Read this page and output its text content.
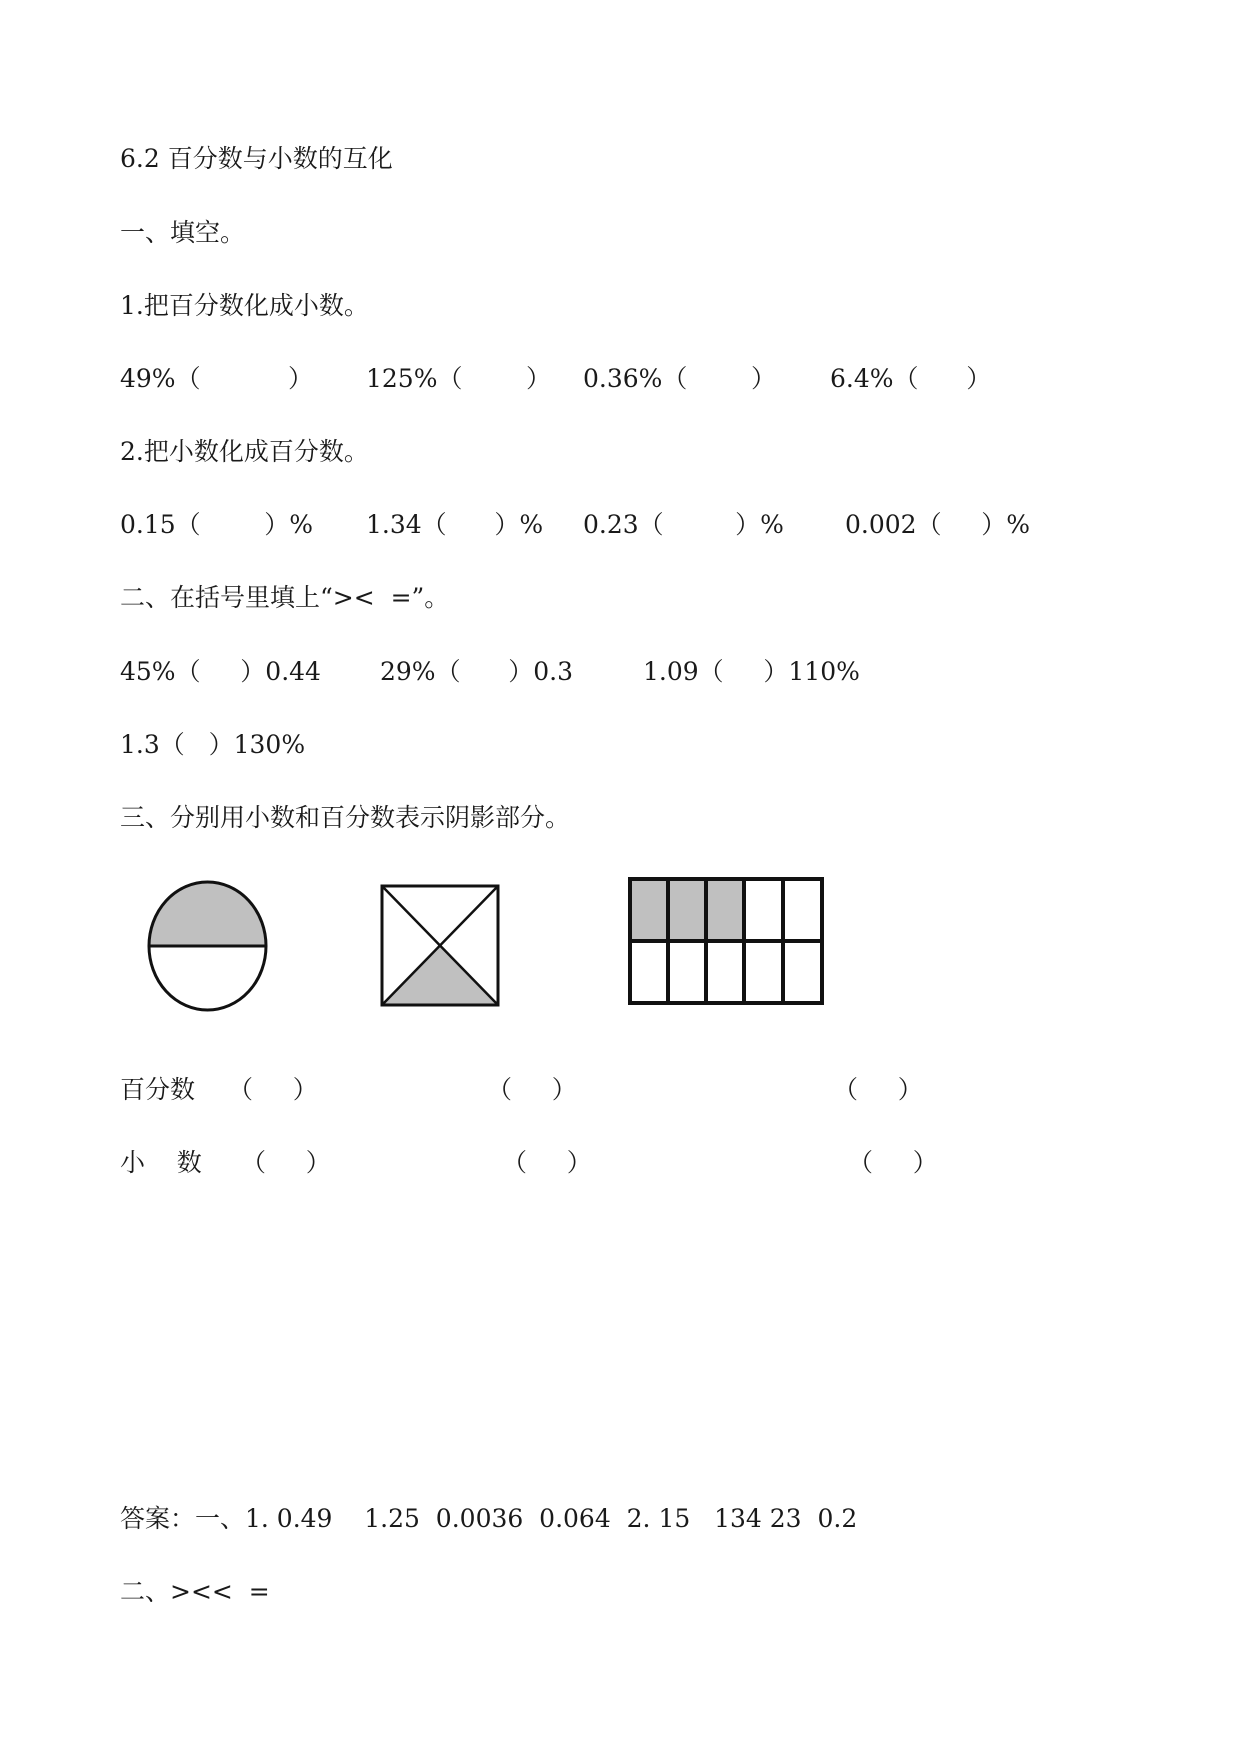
6.2 百分数与小数的互化
一、填空。
1.把百分数化成小数。
49%（           ） 125%（        ） 0.36%（        ） 6.4%（      ）
2.把小数化成百分数。
0.15（        ）% 1.34（      ）% 0.23（         ）% 0.002（     ）%
二、在括号里填上“><  =”。
45%（     ）0.44 29%（      ）0.3	1.09（     ）110%
1.3（   ）130%
三、分别用小数和百分数表示阴影部分。
百分数 （     ）	（     ）	（     ）
小    数 （     ）	（     ）	（     ）
答案：一、1. 0.49    1.25  0.0036  0.064  2. 15   134 23  0.2
二、><<  =
